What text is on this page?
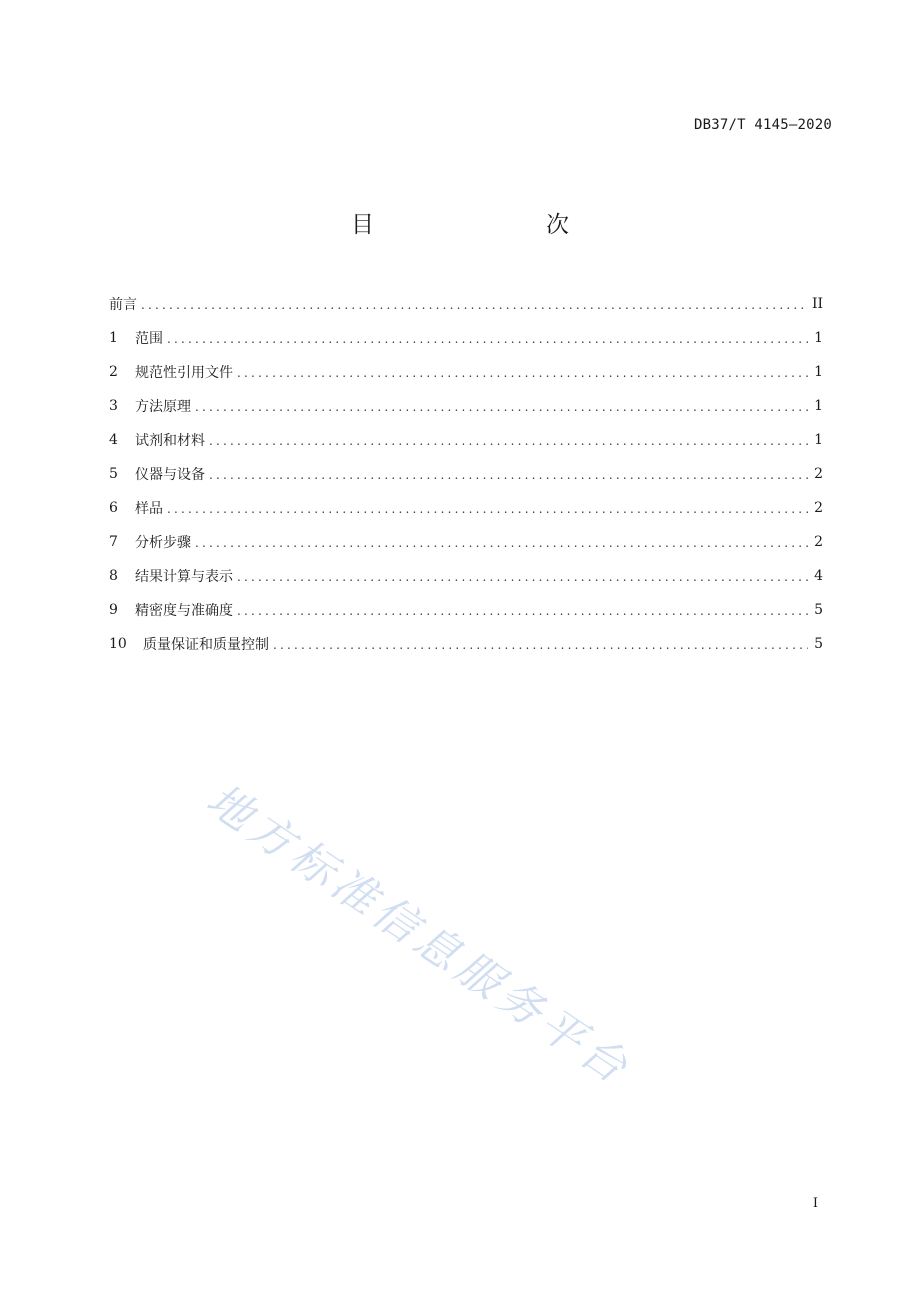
DB37/T 4145—2020
目　　次
前言 .....	II
1	范围 .....	1
2	规范性引用文件 .....	1
3	方法原理 .....	1
4	试剂和材料 .....	1
5	仪器与设备 .....	2
6	样品 .....	2
7	分析步骤 .....	2
8	结果计算与表示 .....	4
9	精密度与准确度 .....	5
10	质量保证和质量控制 .....	5
地方标准信息服务平台
I
